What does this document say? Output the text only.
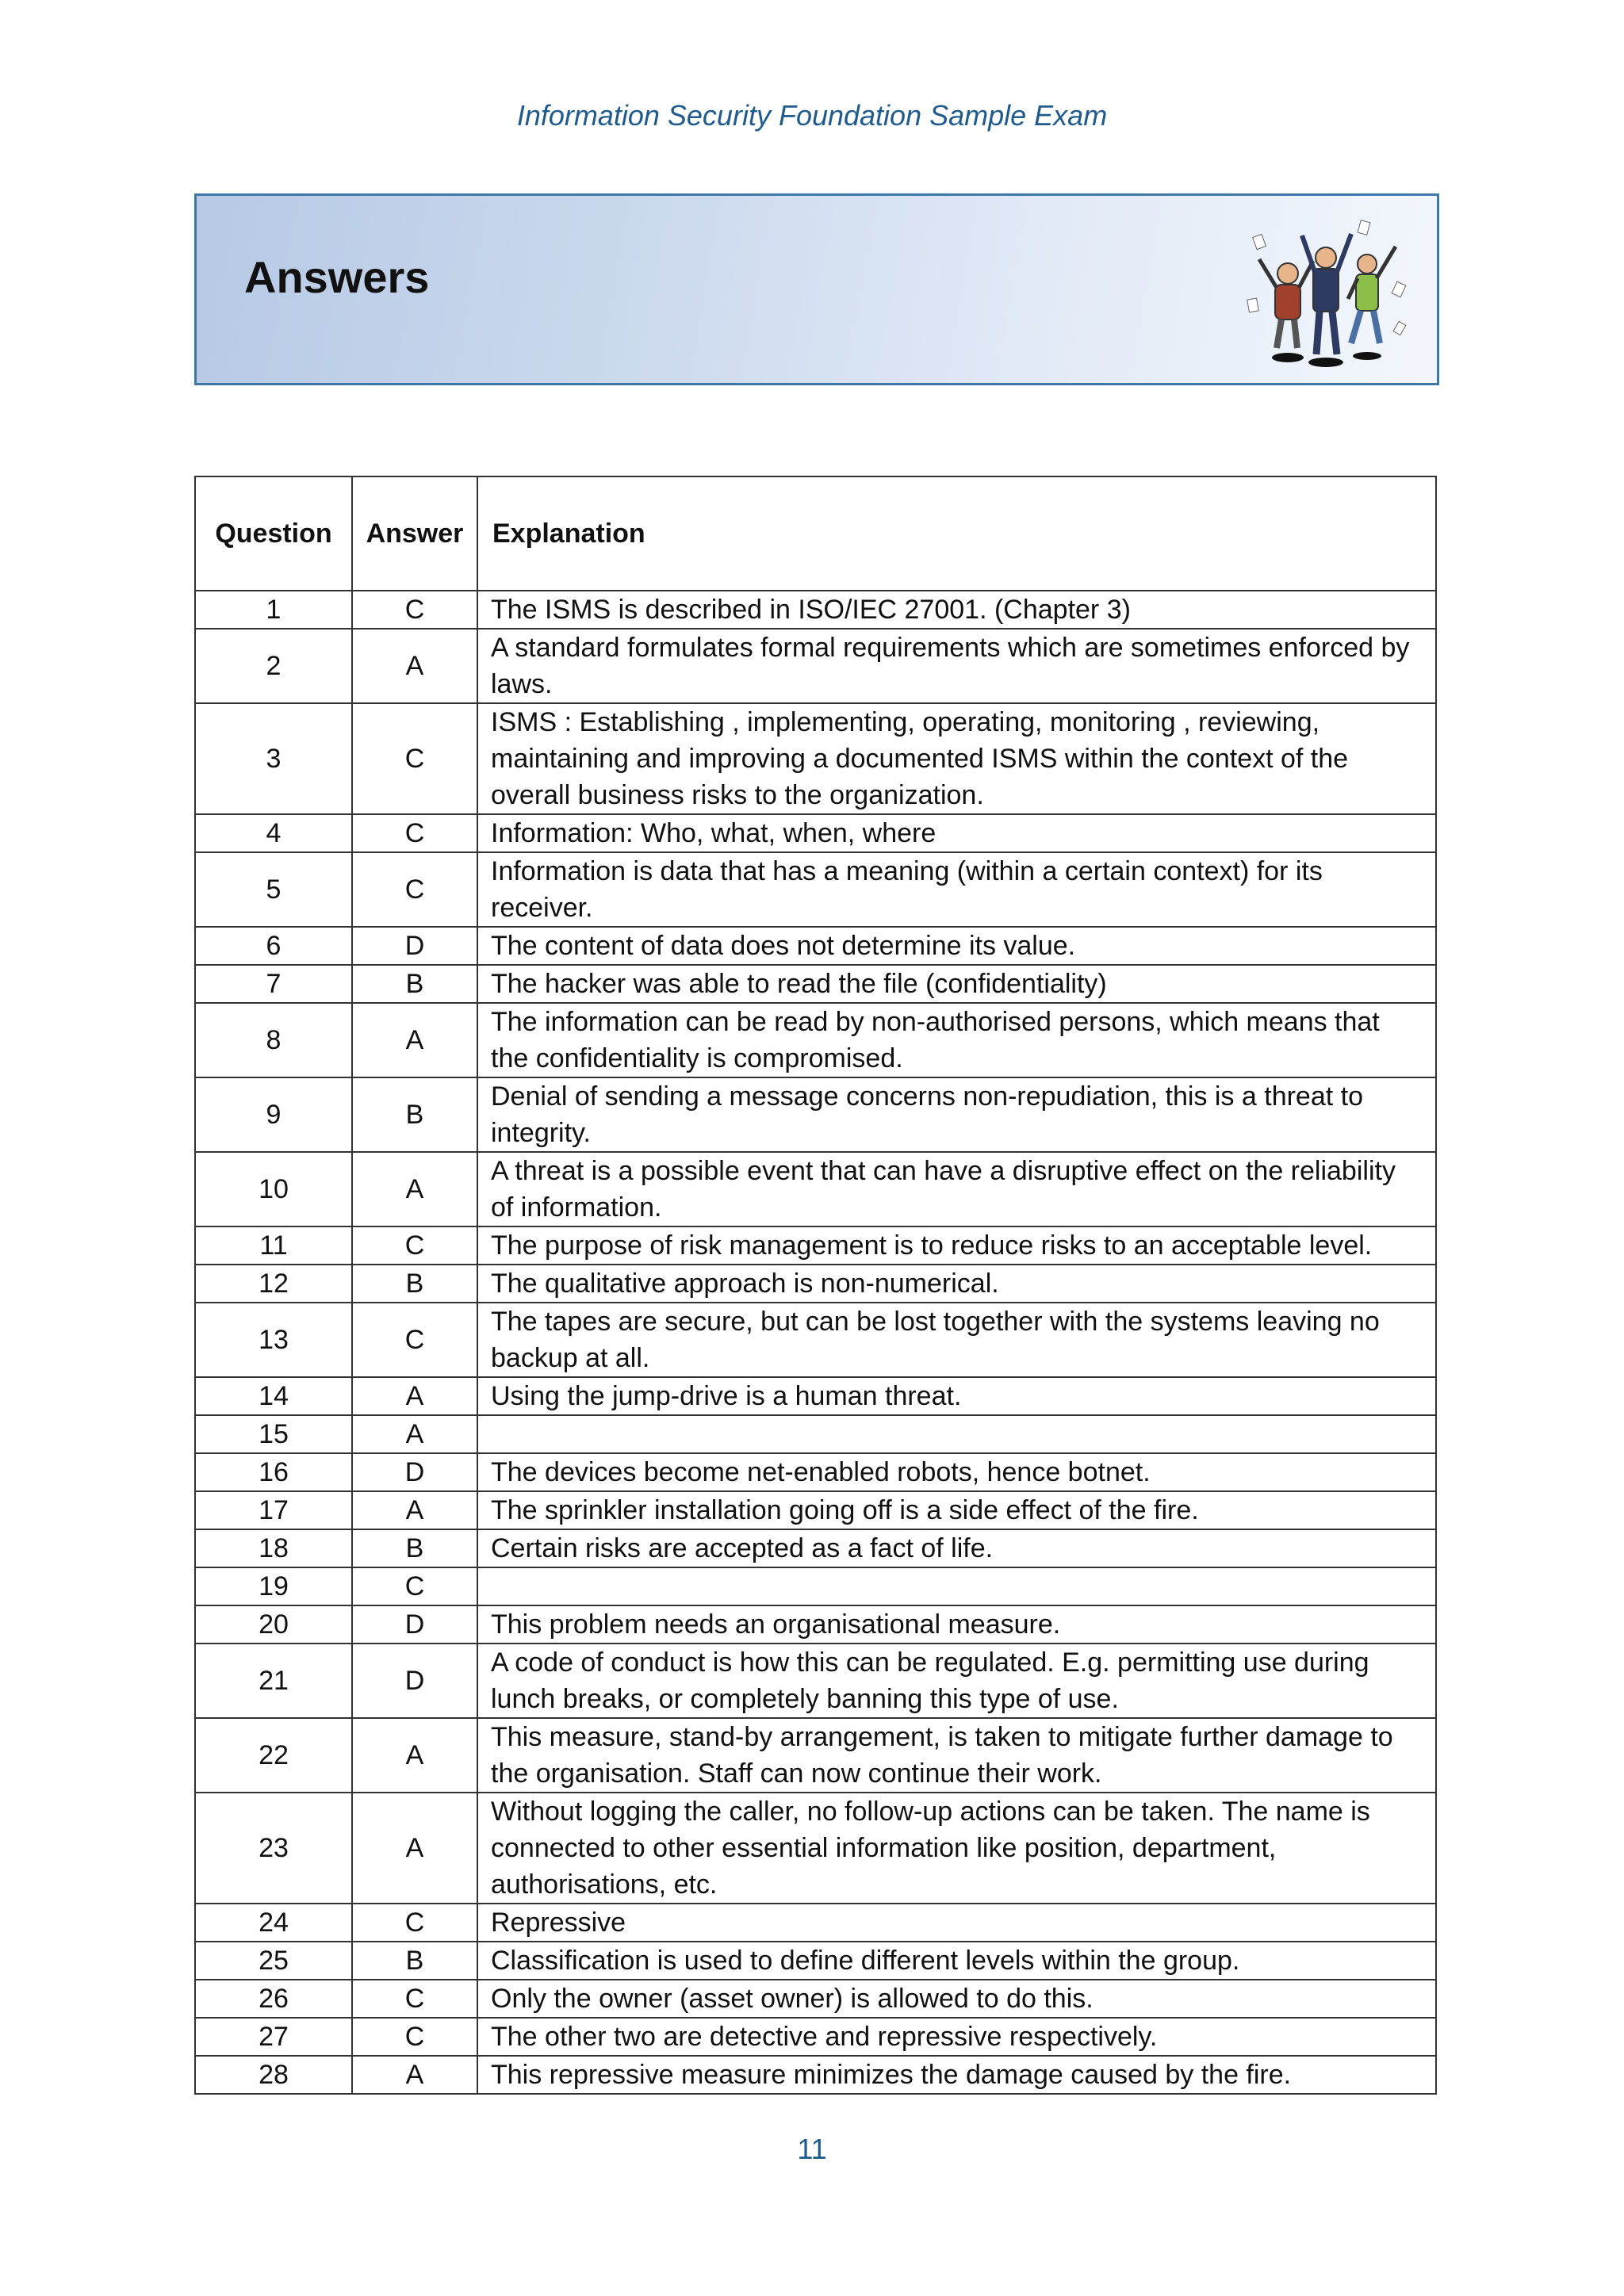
Information Security Foundation Sample Exam
Answers
Question	Answer	Explanation
1	C	The ISMS is described in ISO/IEC 27001. (Chapter 3)
2	A	A standard formulates formal requirements which are sometimes enforced by laws.
3	C	ISMS : Establishing , implementing, operating, monitoring , reviewing, maintaining and improving a documented ISMS within the context of the overall business risks to the organization.
4	C	Information: Who, what, when, where
5	C	Information is data that has a meaning (within a certain context) for its receiver.
6	D	The content of data does not determine its value.
7	B	The hacker was able to read the file (confidentiality)
8	A	The information can be read by non-authorised persons, which means that the confidentiality is compromised.
9	B	Denial of sending a message concerns non-repudiation, this is a threat to integrity.
10	A	A threat is a possible event that can have a disruptive effect on the reliability of information.
11	C	The purpose of risk management is to reduce risks to an acceptable level.
12	B	The qualitative approach is non-numerical.
13	C	The tapes are secure, but can be lost together with the systems leaving no backup at all.
14	A	Using the jump-drive is a human threat.
15	A	
16	D	The devices become net-enabled robots, hence botnet.
17	A	The sprinkler installation going off is a side effect of the fire.
18	B	Certain risks are accepted as a fact of life.
19	C	
20	D	This problem needs an organisational measure.
21	D	A code of conduct is how this can be regulated. E.g. permitting use during lunch breaks, or completely banning this type of use.
22	A	This measure, stand-by arrangement, is taken to mitigate further damage to the organisation. Staff can now continue their work.
23	A	Without logging the caller, no follow-up actions can be taken. The name is connected to other essential information like position, department, authorisations, etc.
24	C	Repressive
25	B	Classification is used to define different levels within the group.
26	C	Only the owner (asset owner) is allowed to do this.
27	C	The other two are detective and repressive respectively.
28	A	This repressive measure minimizes the damage caused by the fire.
11
